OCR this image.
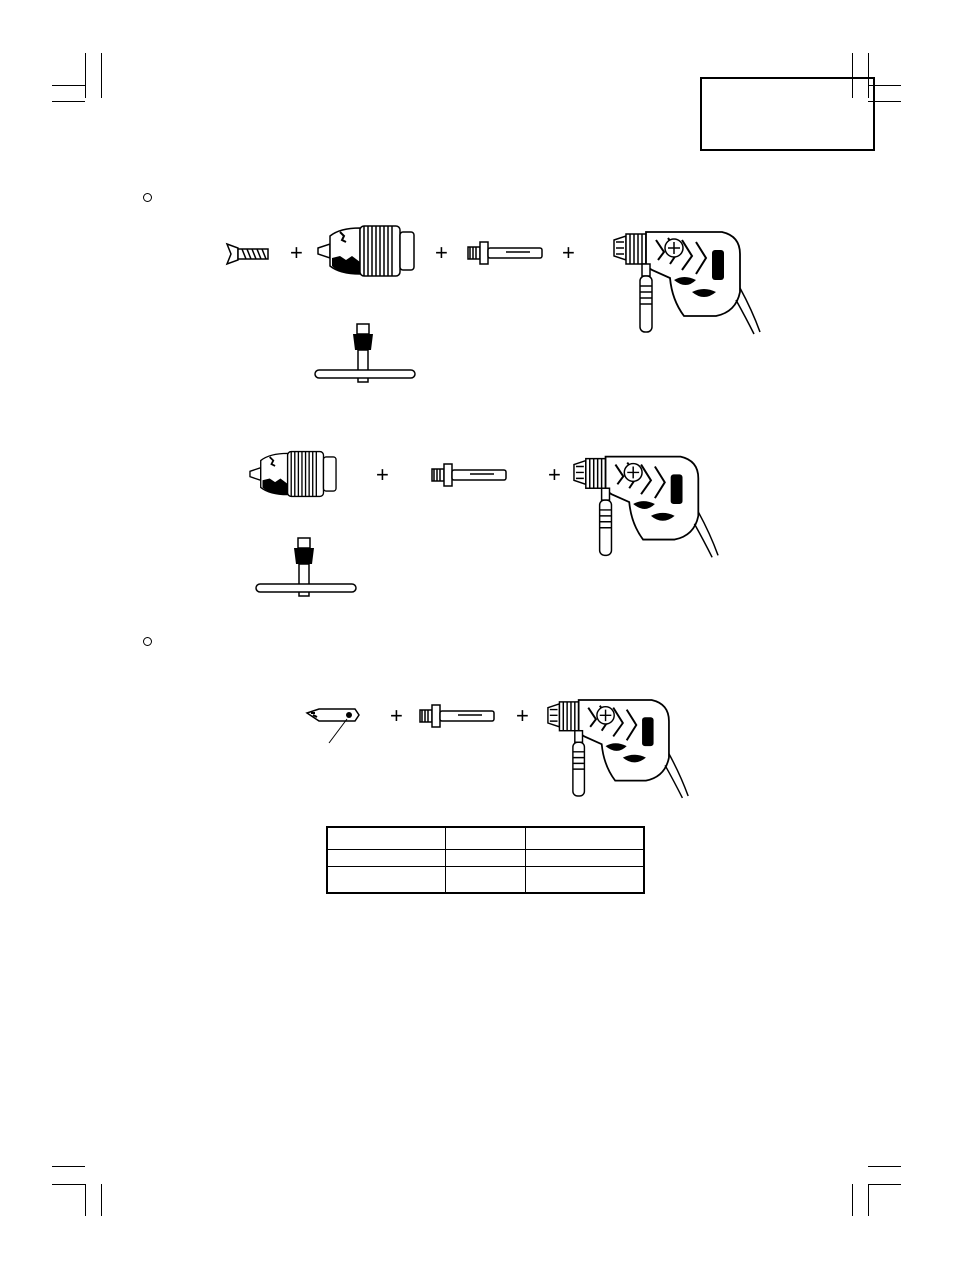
+	+	+
+	+
+	+
